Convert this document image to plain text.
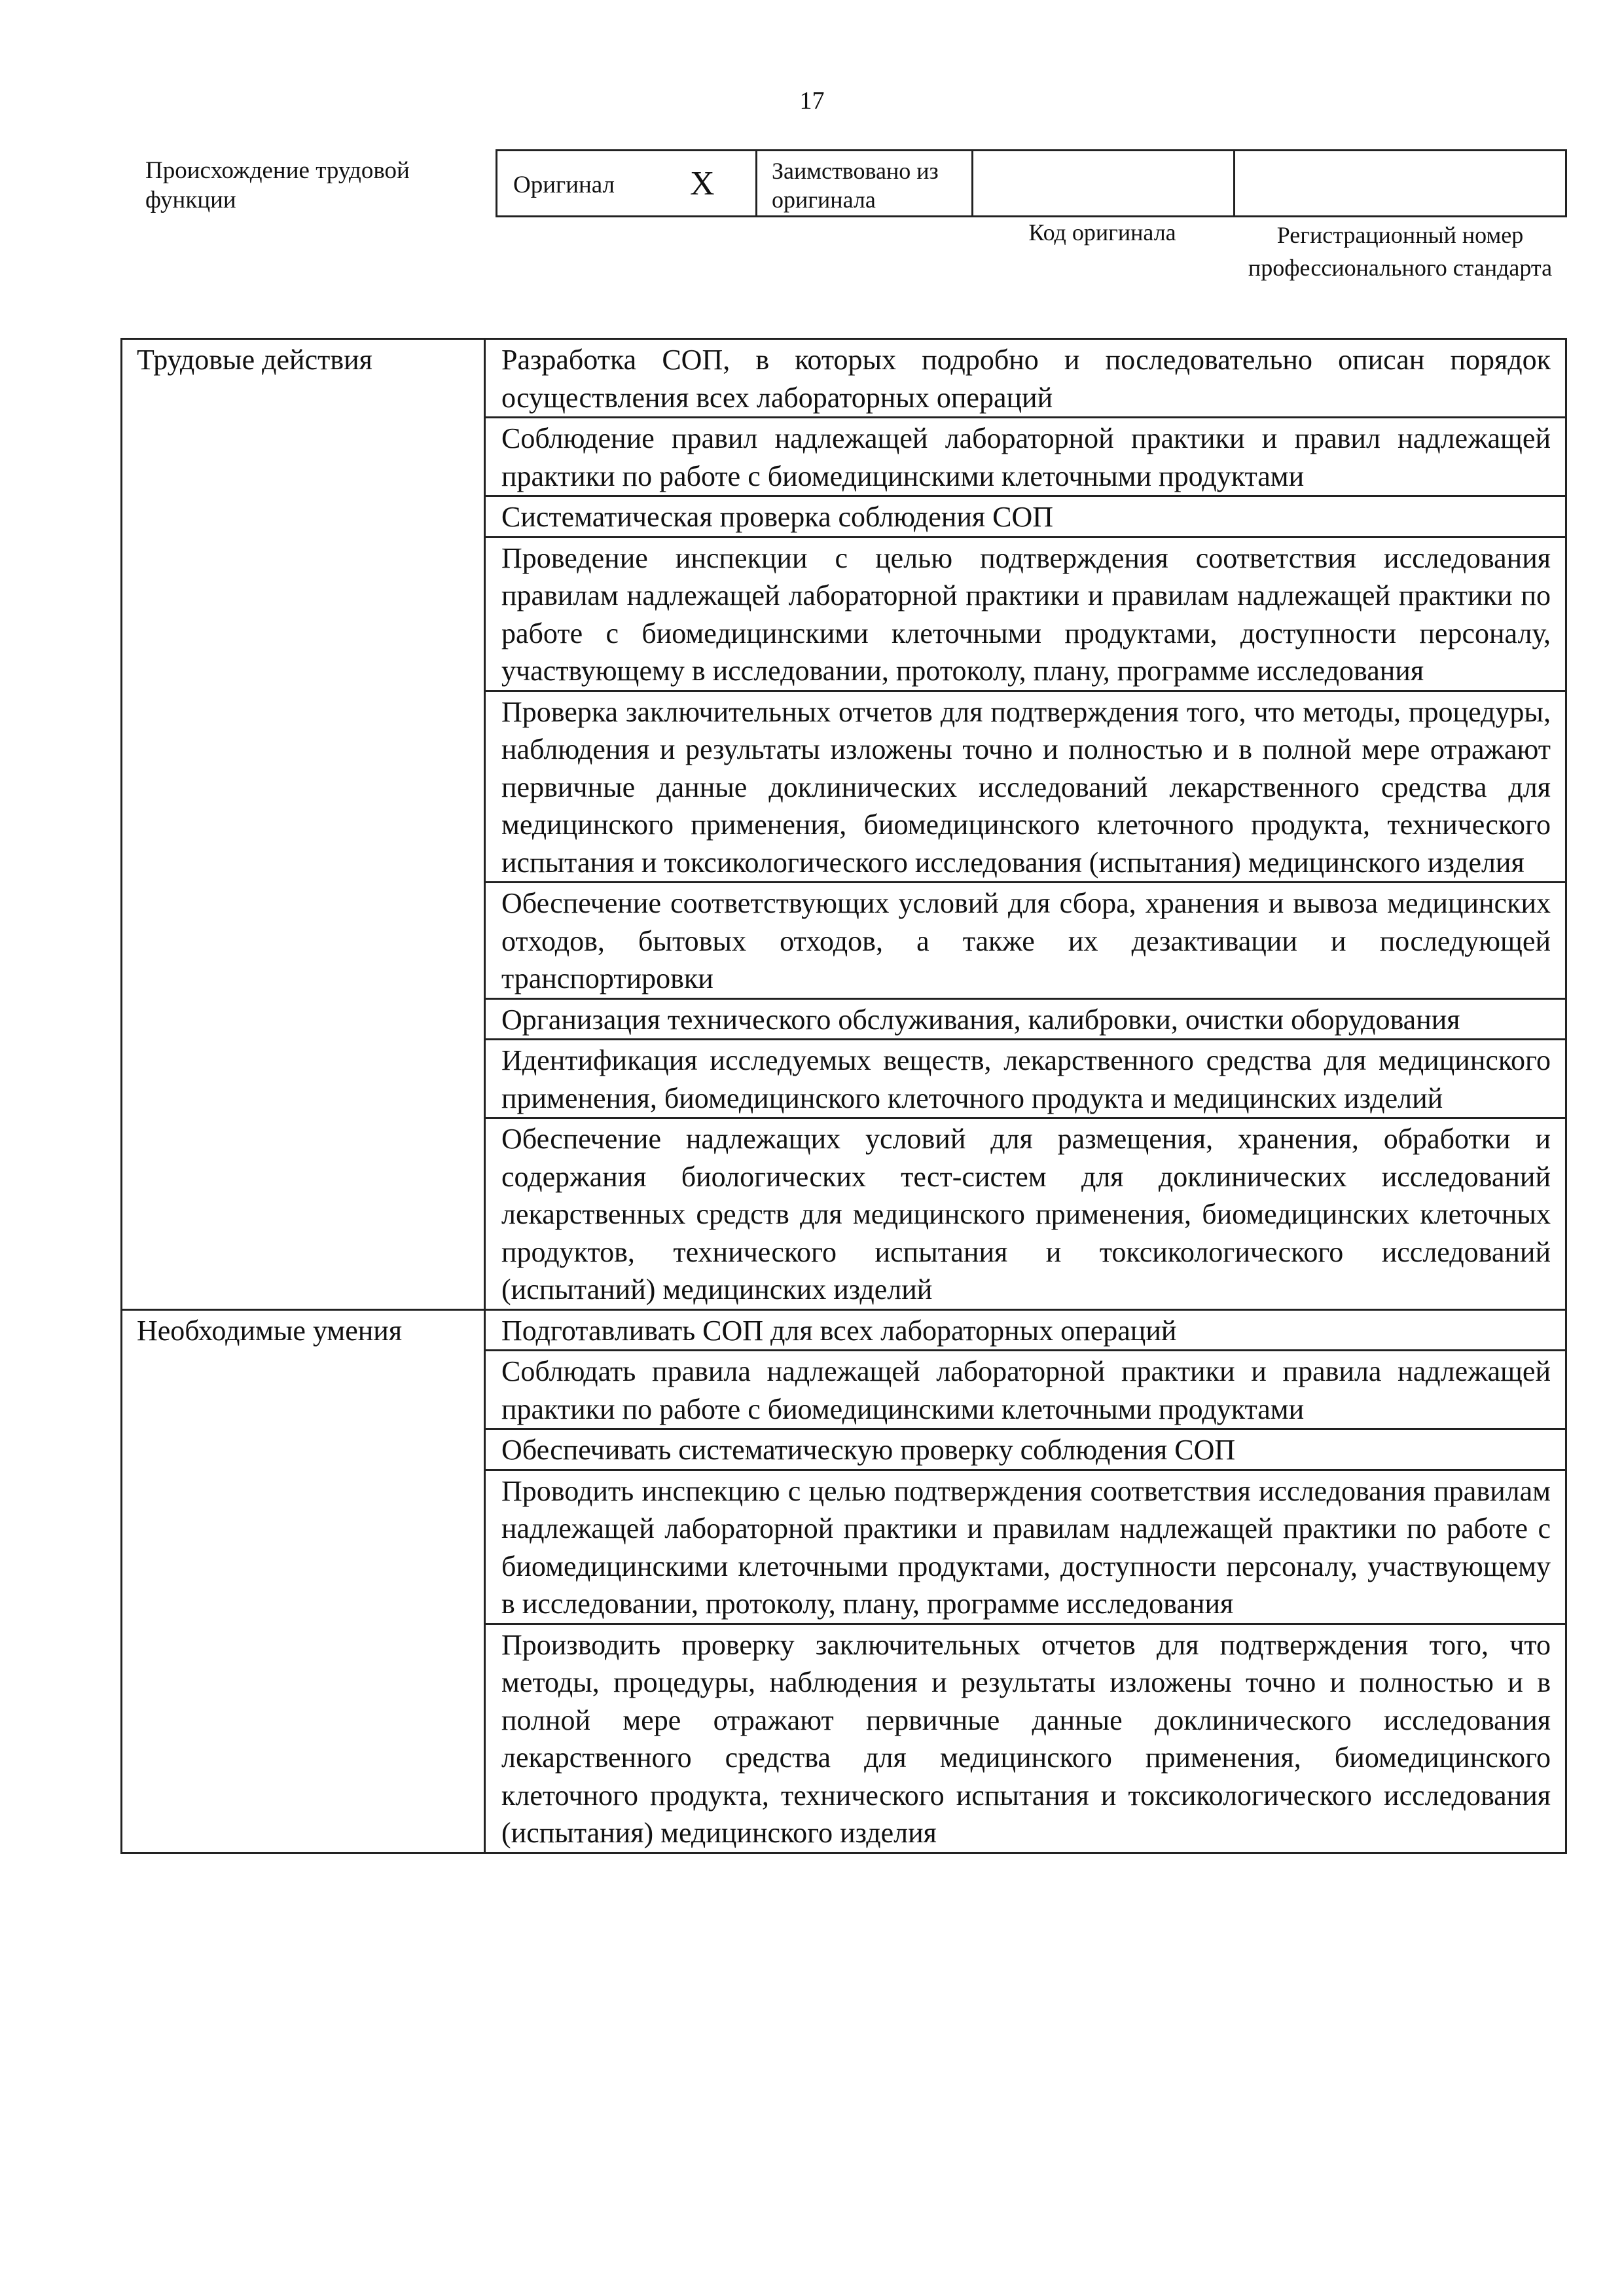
17
Происхождение трудовой функции
Оригинал X Заимствовано из оригинала
Код оригинала	Регистрационный номер профессионального стандарта
Трудовые действия	Разработка СОП, в которых подробно и последовательно описан порядок осуществления всех лабораторных операций
	Соблюдение правил надлежащей лабораторной практики и правил надлежащей практики по работе с биомедицинскими клеточными продуктами
	Систематическая проверка соблюдения СОП
	Проведение инспекции с целью подтверждения соответствия исследования правилам надлежащей лабораторной практики и правилам надлежащей практики по работе с биомедицинскими клеточными продуктами, доступности персоналу, участвующему в исследовании, протоколу, плану, программе исследования
	Проверка заключительных отчетов для подтверждения того, что методы, процедуры, наблюдения и результаты изложены точно и полностью и в полной мере отражают первичные данные доклинических исследований лекарственного средства для медицинского применения, биомедицинского клеточного продукта, технического испытания и токсикологического исследования (испытания) медицинского изделия
	Обеспечение соответствующих условий для сбора, хранения и вывоза медицинских отходов, бытовых отходов, а также их дезактивации и последующей транспортировки
	Организация технического обслуживания, калибровки, очистки оборудования
	Идентификация исследуемых веществ, лекарственного средства для медицинского применения, биомедицинского клеточного продукта и медицинских изделий
	Обеспечение надлежащих условий для размещения, хранения, обработки и содержания биологических тест-систем для доклинических исследований лекарственных средств для медицинского применения, биомедицинских клеточных продуктов, технического испытания и токсикологического исследований (испытаний) медицинских изделий
Необходимые умения	Подготавливать СОП для всех лабораторных операций
	Соблюдать правила надлежащей лабораторной практики и правила надлежащей практики по работе с биомедицинскими клеточными продуктами
	Обеспечивать систематическую проверку соблюдения СОП
	Проводить инспекцию с целью подтверждения соответствия исследования правилам надлежащей лабораторной практики и правилам надлежащей практики по работе с биомедицинскими клеточными продуктами, доступности персоналу, участвующему в исследовании, протоколу, плану, программе исследования
	Производить проверку заключительных отчетов для подтверждения того, что методы, процедуры, наблюдения и результаты изложены точно и полностью и в полной мере отражают первичные данные доклинического исследования лекарственного средства для медицинского применения, биомедицинского клеточного продукта, технического испытания и токсикологического исследования (испытания) медицинского изделия
